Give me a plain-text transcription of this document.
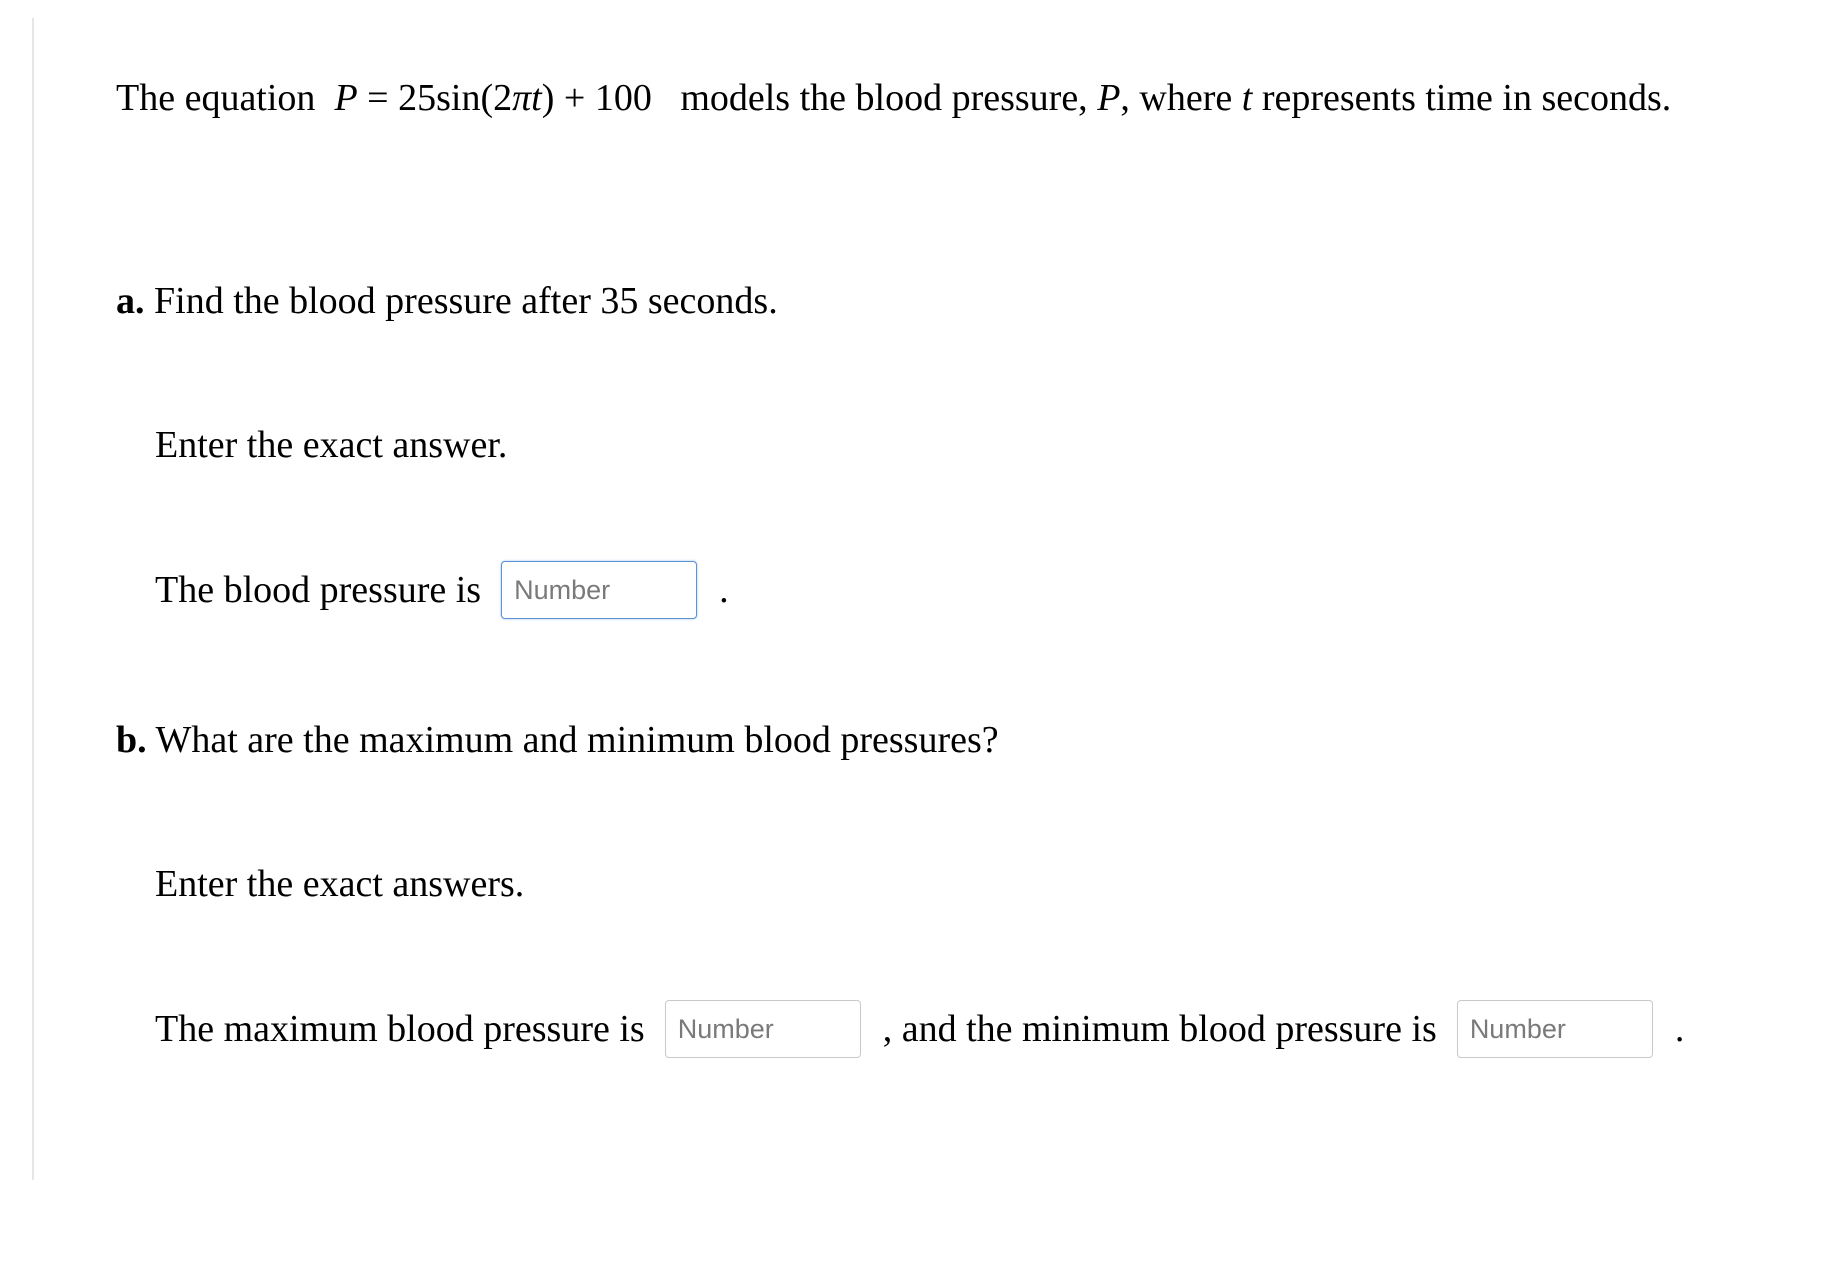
The equation P = 25sin(2πt) + 100 models the blood pressure, P, where t represents time in seconds.
a. Find the blood pressure after 35 seconds.
Enter the exact answer.
The blood pressure is
Number	.
b. What are the maximum and minimum blood pressures?
Enter the exact answers.
The maximum blood pressure is
Number	, and the minimum blood pressure is
Number	.
